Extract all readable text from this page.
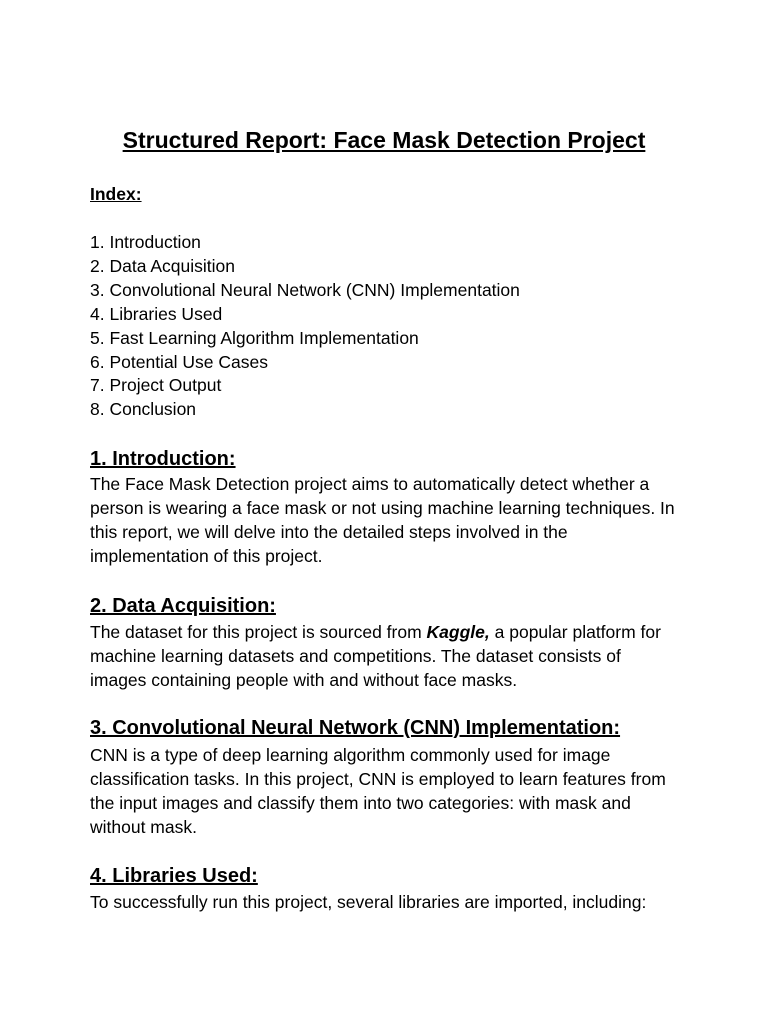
Structured Report: Face Mask Detection Project
Index:
1. Introduction
2. Data Acquisition
3. Convolutional Neural Network (CNN) Implementation
4. Libraries Used
5. Fast Learning Algorithm Implementation
6. Potential Use Cases
7. Project Output
8. Conclusion
1. Introduction:

The Face Mask Detection project aims to automatically detect whether a
person is wearing a face mask or not using machine learning techniques. In
this report, we will delve into the detailed steps involved in the
implementation of this project.

2. Data Acquisition:

The dataset for this project is sourced from Kaggle, a popular platform for
machine learning datasets and competitions. The dataset consists of
images containing people with and without face masks.

3. Convolutional Neural Network (CNN) Implementation:

CNN is a type of deep learning algorithm commonly used for image
classification tasks. In this project, CNN is employed to learn features from
the input images and classify them into two categories: with mask and
without mask.

4. Libraries Used:

To successfully run this project, several libraries are imported, including:
